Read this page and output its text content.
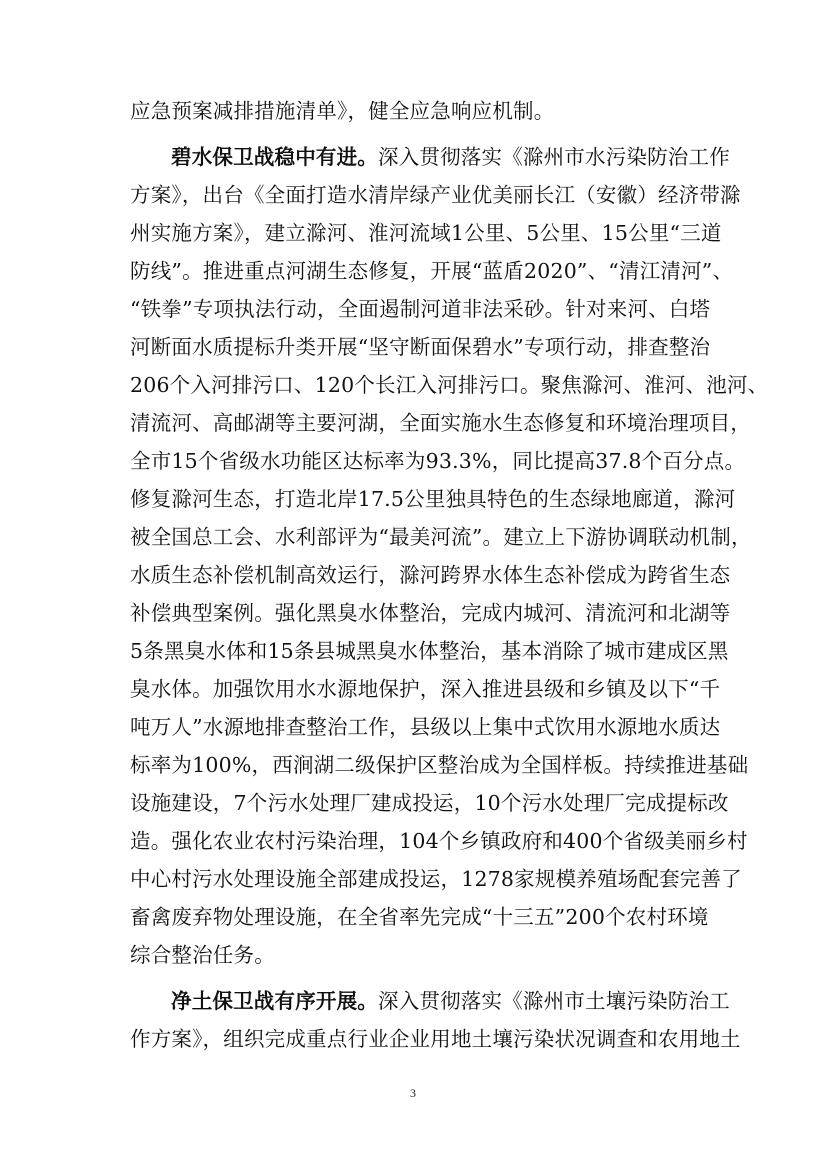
应急预案减排措施清单》，健全应急响应机制。
碧水保卫战稳中有进。深入贯彻落实《滁州市水污染防治工作
方案》，出台《全面打造水清岸绿产业优美丽长江（安徽）经济带滁
州实施方案》，建立滁河、淮河流域1公里、5公里、15公里“三道
防线”。推进重点河湖生态修复，开展“蓝盾2020”、“清江清河”、
“铁拳”专项执法行动，全面遏制河道非法采砂。针对来河、白塔
河断面水质提标升类开展“坚守断面保碧水”专项行动，排查整治
206个入河排污口、120个长江入河排污口。聚焦滁河、淮河、池河、
清流河、高邮湖等主要河湖，全面实施水生态修复和环境治理项目，
全市15个省级水功能区达标率为93.3%，同比提高37.8个百分点。
修复滁河生态，打造北岸17.5公里独具特色的生态绿地廊道，滁河
被全国总工会、水利部评为“最美河流”。建立上下游协调联动机制，
水质生态补偿机制高效运行，滁河跨界水体生态补偿成为跨省生态
补偿典型案例。强化黑臭水体整治，完成内城河、清流河和北湖等
5条黑臭水体和15条县城黑臭水体整治，基本消除了城市建成区黑
臭水体。加强饮用水水源地保护，深入推进县级和乡镇及以下“千
吨万人”水源地排查整治工作，县级以上集中式饮用水源地水质达
标率为100%，西涧湖二级保护区整治成为全国样板。持续推进基础
设施建设，7个污水处理厂建成投运，10个污水处理厂完成提标改
造。强化农业农村污染治理，104个乡镇政府和400个省级美丽乡村
中心村污水处理设施全部建成投运，1278家规模养殖场配套完善了
畜禽废弃物处理设施，在全省率先完成“十三五”200个农村环境
综合整治任务。
净土保卫战有序开展。深入贯彻落实《滁州市土壤污染防治工
作方案》，组织完成重点行业企业用地土壤污染状况调查和农用地土
3
